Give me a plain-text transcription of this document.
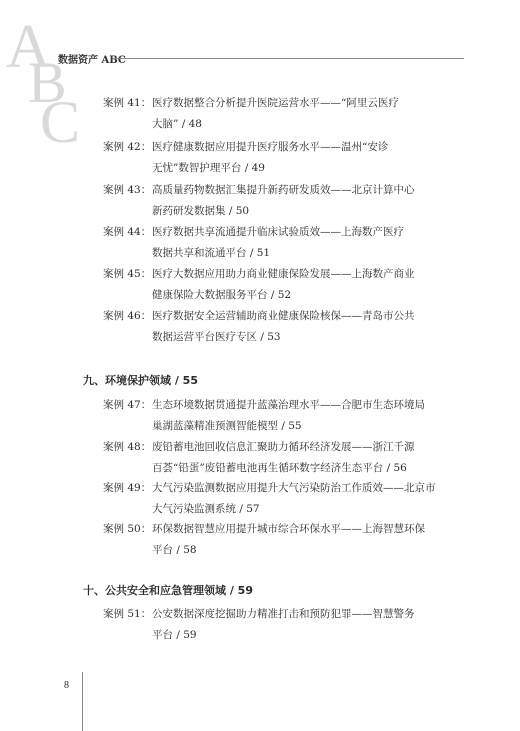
A
B
C
数据资产 ABC
案例 41： 医疗数据整合分析提升医院运营水平——“阿里云医疗
大脑” / 48
案例 42： 医疗健康数据应用提升医疗服务水平——温州“安诊
无忧”数智护理平台 / 49
案例 43： 高质量药物数据汇集提升新药研发质效——北京计算中心
新药研发数据集 / 50
案例 44： 医疗数据共享流通提升临床试验质效——上海数产医疗
数据共享和流通平台 / 51
案例 45： 医疗大数据应用助力商业健康保险发展——上海数产商业
健康保险大数据服务平台 / 52
案例 46： 医疗数据安全运营辅助商业健康保险核保——青岛市公共
数据运营平台医疗专区 / 53
九、环境保护领域 / 55
案例 47： 生态环境数据贯通提升蓝藻治理水平——合肥市生态环境局
巢湖蓝藻精准预测智能模型 / 55
案例 48： 废铅蓄电池回收信息汇聚助力循环经济发展——浙江千源
百荟“铅蛋”废铅蓄电池再生循环数字经济生态平台 / 56
案例 49： 大气污染监测数据应用提升大气污染防治工作质效——北京市
大气污染监测系统 / 57
案例 50： 环保数据智慧应用提升城市综合环保水平——上海智慧环保
平台 / 58
十、公共安全和应急管理领域 / 59
案例 51： 公安数据深度挖掘助力精准打击和预防犯罪——智慧警务
平台 / 59
8
